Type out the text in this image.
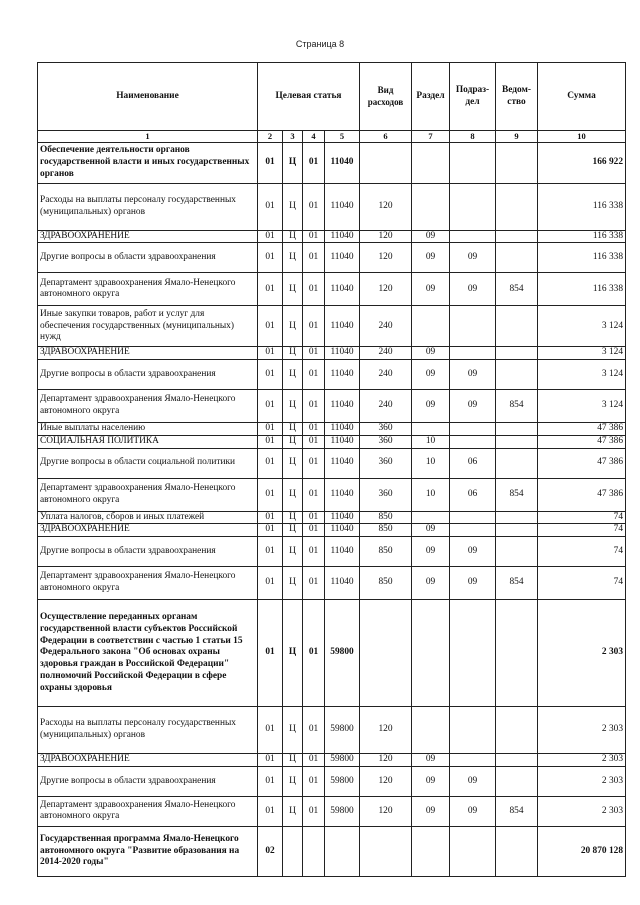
Страница 8
Наименование	Целевая статья				Вид расходов	Раздел	Подраз-дел	Ведом-ство	Сумма
1	2	3	4	5	6	7	8	9	10
Обеспечение деятельности органов государственной власти и иных государственных органов	01	Ц	01	11040					166 922
Расходы на выплаты персоналу государственных (муниципальных) органов	01	Ц	01	11040	120				116 338
ЗДРАВООХРАНЕНИЕ	01	Ц	01	11040	120	09			116 338
Другие вопросы в области здравоохранения	01	Ц	01	11040	120	09	09		116 338
Департамент здравоохранения Ямало-Ненецкого автономного округа	01	Ц	01	11040	120	09	09	854	116 338
Иные закупки товаров, работ и услуг для обеспечения государственных (муниципальных) нужд	01	Ц	01	11040	240				3 124
ЗДРАВООХРАНЕНИЕ	01	Ц	01	11040	240	09			3 124
Другие вопросы в области здравоохранения	01	Ц	01	11040	240	09	09		3 124
Департамент здравоохранения Ямало-Ненецкого автономного округа	01	Ц	01	11040	240	09	09	854	3 124
Иные выплаты населению	01	Ц	01	11040	360				47 386
СОЦИАЛЬНАЯ ПОЛИТИКА	01	Ц	01	11040	360	10			47 386
Другие вопросы в области социальной политики	01	Ц	01	11040	360	10	06		47 386
Департамент здравоохранения Ямало-Ненецкого автономного округа	01	Ц	01	11040	360	10	06	854	47 386
Уплата налогов, сборов и иных платежей	01	Ц	01	11040	850				74
ЗДРАВООХРАНЕНИЕ	01	Ц	01	11040	850	09			74
Другие вопросы в области здравоохранения	01	Ц	01	11040	850	09	09		74
Департамент здравоохранения Ямало-Ненецкого автономного округа	01	Ц	01	11040	850	09	09	854	74
Осуществление переданных органам государственной власти субъектов Российской Федерации в соответствии с частью 1 статьи 15 Федерального закона "Об основах охраны здоровья граждан в Российской Федерации" полномочий Российской Федерации в сфере охраны здоровья	01	Ц	01	59800					2 303
Расходы на выплаты персоналу государственных (муниципальных) органов	01	Ц	01	59800	120				2 303
ЗДРАВООХРАНЕНИЕ	01	Ц	01	59800	120	09			2 303
Другие вопросы в области здравоохранения	01	Ц	01	59800	120	09	09		2 303
Департамент здравоохранения Ямало-Ненецкого автономного округа	01	Ц	01	59800	120	09	09	854	2 303
Государственная программа Ямало-Ненецкого автономного округа "Развитие образования на 2014-2020 годы"	02								20 870 128
